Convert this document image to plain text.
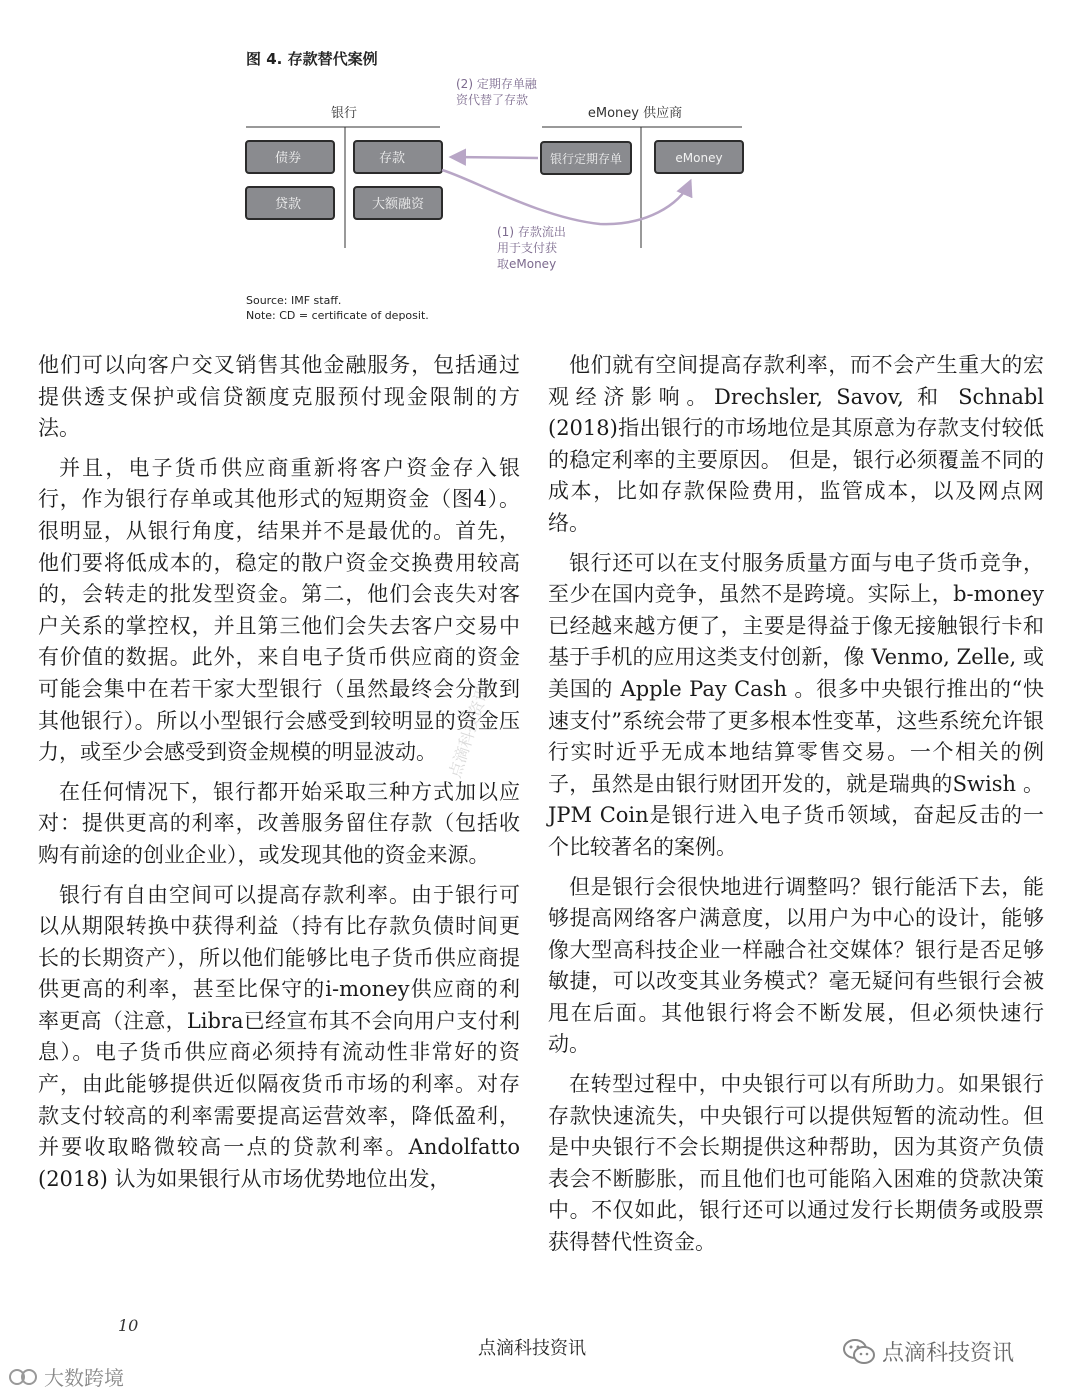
图 4. 存款替代案例
银行	eMoney 供应商
债券
贷款
存款
大额融资
银行定期存单	eMoney
(2) 定期存单融 资代替了存款
(1) 存款流出 用于支付获 取eMoney
Source: IMF staff.
Note: CD = certificate of deposit.

他们可以向客户交叉销售其他金融服务，包括通过提供透支保护或信贷额度克服预付现金限制的方法。

并且，电子货币供应商重新将客户资金存入银行，作为银行存单或其他形式的短期资金（图4）。很明显，从银行角度，结果并不是最优的。首先，他们要将低成本的，稳定的散户资金交换费用较高的，会转走的批发型资金。第二，他们会丧失对客户关系的掌控权，并且第三他们会失去客户交易中有价值的数据。此外，来自电子货币供应商的资金可能会集中在若干家大型银行（虽然最终会分散到其他银行）。所以小型银行会感受到较明显的资金压力，或至少会感受到资金规模的明显波动。

在任何情况下，银行都开始采取三种方式加以应对：提供更高的利率，改善服务留住存款（包括收购有前途的创业企业），或发现其他的资金来源。

银行有自由空间可以提高存款利率。由于银行可以从期限转换中获得利益（持有比存款负债时间更长的长期资产），所以他们能够比电子货币供应商提供更高的利率，甚至比保守的i-money供应商的利率更高（注意，Libra已经宣布其不会向用户支付利息）。电子货币供应商必须持有流动性非常好的资产，由此能够提供近似隔夜货币市场的利率。对存款支付较高的利率需要提高运营效率，降低盈利，并要收取略微较高一点的贷款利率。Andolfatto (2018) 认为如果银行从市场优势地位出发，

他们就有空间提高存款利率，而不会产生重大的宏观经济影响。Drechsler, Savov, 和 Schnabl (2018)指出银行的市场地位是其原意为存款支付较低的稳定利率的主要原因。 但是，银行必须覆盖不同的成本，比如存款保险费用，监管成本，以及网点网络。

银行还可以在支付服务质量方面与电子货币竞争，至少在国内竞争，虽然不是跨境。实际上，b-money已经越来越方便了，主要是得益于像无接触银行卡和基于手机的应用这类支付创新，像 Venmo, Zelle, 或美国的 Apple Pay Cash 。很多中央银行推出的“快速支付”系统会带了更多根本性变革，这些系统允许银行实时近乎无成本地结算零售交易。一个相关的例子，虽然是由银行财团开发的，就是瑞典的Swish 。 JPM Coin是银行进入电子货币领域，奋起反击的一个比较著名的案例。

但是银行会很快地进行调整吗？银行能活下去，能够提高网络客户满意度，以用户为中心的设计，能够像大型高科技企业一样融合社交媒体？银行是否足够敏捷，可以改变其业务模式？毫无疑问有些银行会被甩在后面。其他银行将会不断发展，但必须快速行动。

在转型过程中，中央银行可以有所助力。如果银行存款快速流失，中央银行可以提供短暂的流动性。但是中央银行不会长期提供这种帮助，因为其资产负债表会不断膨胀，而且他们也可能陷入困难的贷款决策中。不仅如此，银行还可以通过发行长期债务或股票获得替代性资金。

点滴科技资讯
10
点滴科技资讯	点滴科技资讯
大数跨境
